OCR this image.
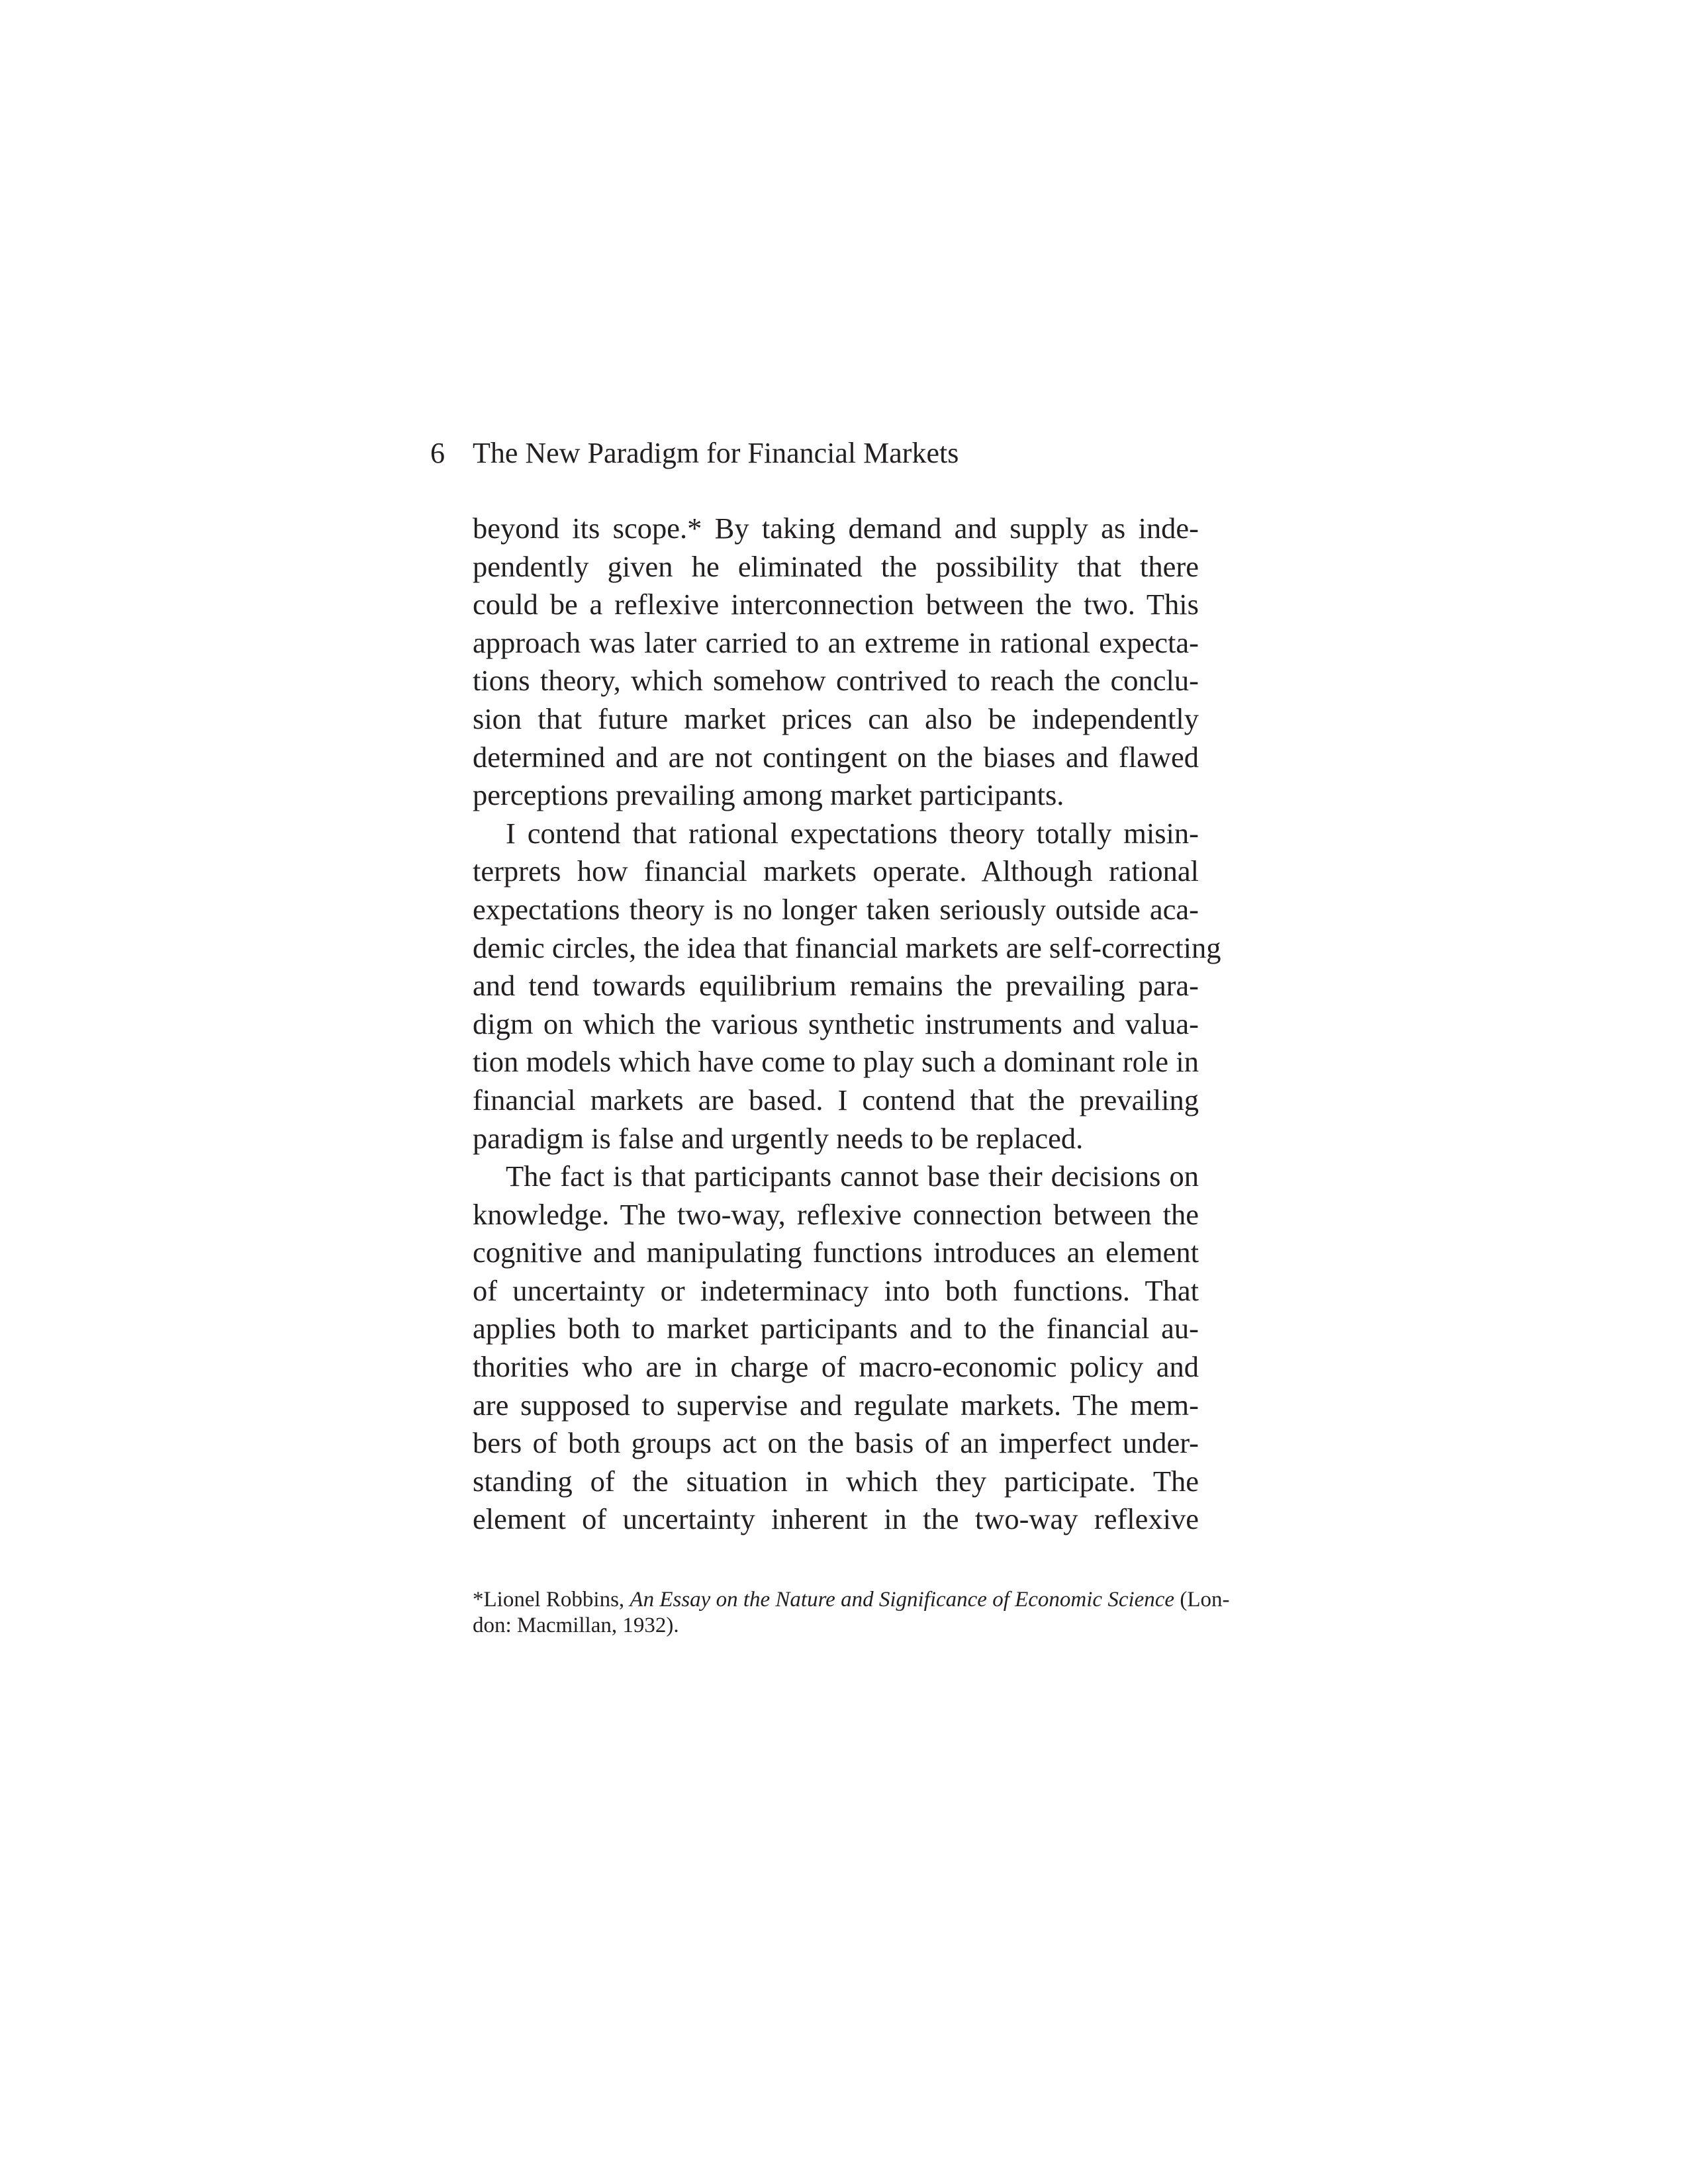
6 The New Paradigm for Financial Markets
beyond its scope.* By taking demand and supply as inde-
pendently given he eliminated the possibility that there
could be a reflexive interconnection between the two. This
approach was later carried to an extreme in rational expecta-
tions theory, which somehow contrived to reach the conclu-
sion that future market prices can also be independently
determined and are not contingent on the biases and flawed
perceptions prevailing among market participants.
I contend that rational expectations theory totally misin-
terprets how financial markets operate. Although rational
expectations theory is no longer taken seriously outside aca-
demic circles, the idea that financial markets are self-correcting
and tend towards equilibrium remains the prevailing para-
digm on which the various synthetic instruments and valua-
tion models which have come to play such a dominant role in
financial markets are based. I contend that the prevailing
paradigm is false and urgently needs to be replaced.
The fact is that participants cannot base their decisions on
knowledge. The two-way, reflexive connection between the
cognitive and manipulating functions introduces an element
of uncertainty or indeterminacy into both functions. That
applies both to market participants and to the financial au-
thorities who are in charge of macro-economic policy and
are supposed to supervise and regulate markets. The mem-
bers of both groups act on the basis of an imperfect under-
standing of the situation in which they participate. The
element of uncertainty inherent in the two-way reflexive
*Lionel Robbins, An Essay on the Nature and Significance of Economic Science (Lon-
don: Macmillan, 1932).
